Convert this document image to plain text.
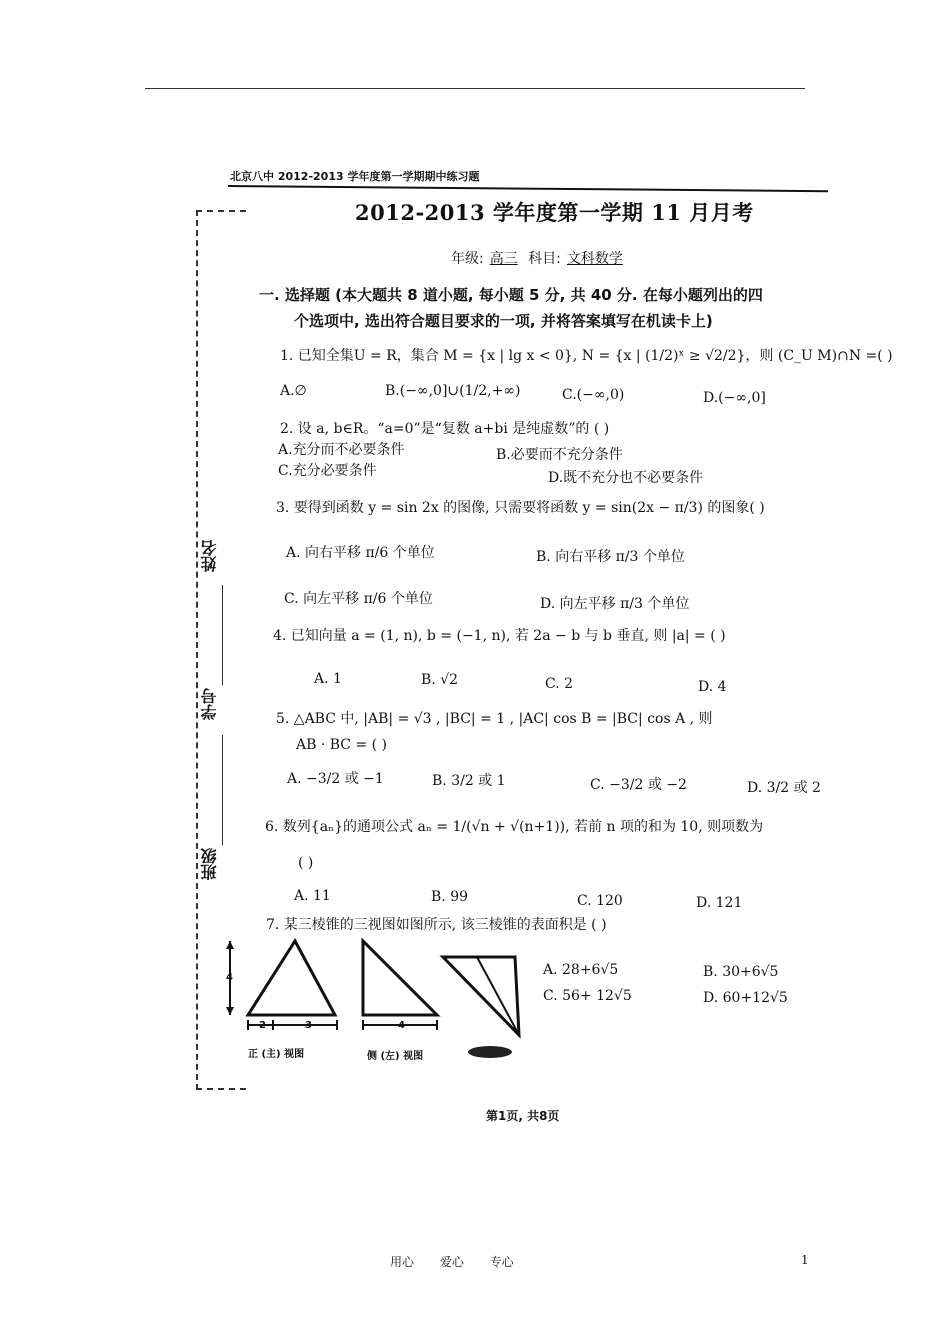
北京八中 2012-2013 学年度第一学期期中练习题
姓名
学号
班级
2012-2013 学年度第一学期 11 月月考
年级: 高三 科目: 文科数学
一. 选择题 (本大题共 8 道小题, 每小题 5 分, 共 40 分. 在每小题列出的四
个选项中, 选出符合题目要求的一项, 并将答案填写在机读卡上)
1. 已知全集U = R，集合 M = {x | lg x < 0}, N = {x | (1/2)ˣ ≥ √2/2}，则 (C_U M)∩N =( )
A.∅	B.(−∞,0]∪(1/2,+∞)	C.(−∞,0)	D.(−∞,0]
2. 设 a, b∈R。“a=0”是“复数 a+bi 是纯虚数”的 ( )
A.充分而不必要条件	B.必要而不充分条件
C.充分必要条件	D.既不充分也不必要条件
3. 要得到函数 y = sin 2x 的图像, 只需要将函数 y = sin(2x − π/3) 的图象( )
A. 向右平移 π/6 个单位	B. 向右平移 π/3 个单位
C. 向左平移 π/6 个单位	D. 向左平移 π/3 个单位
4. 已知向量 a = (1, n), b = (−1, n), 若 2a − b 与 b 垂直, 则 |a| = ( )
A. 1	B. √2	C. 2	D. 4
5. △ABC 中, |AB| = √3 , |BC| = 1 , |AC| cos B = |BC| cos A , 则
AB · BC = ( )
A. −3/2 或 −1	B. 3/2 或 1	C. −3/2 或 −2	D. 3/2 或 2
6. 数列{aₙ}的通项公式 aₙ = 1/(√n + √(n+1)), 若前 n 项的和为 10, 则项数为
( )
A. 11	B. 99	C. 120	D. 121
7. 某三棱锥的三视图如图所示, 该三棱锥的表面积是 ( )
A. 28+6√5	B. 30+6√5
C. 56+ 12√5	D. 60+12√5
4
2	3	4
正 (主) 视图	侧 (左) 视图
第1页, 共8页
用心 爱心 专心	1
